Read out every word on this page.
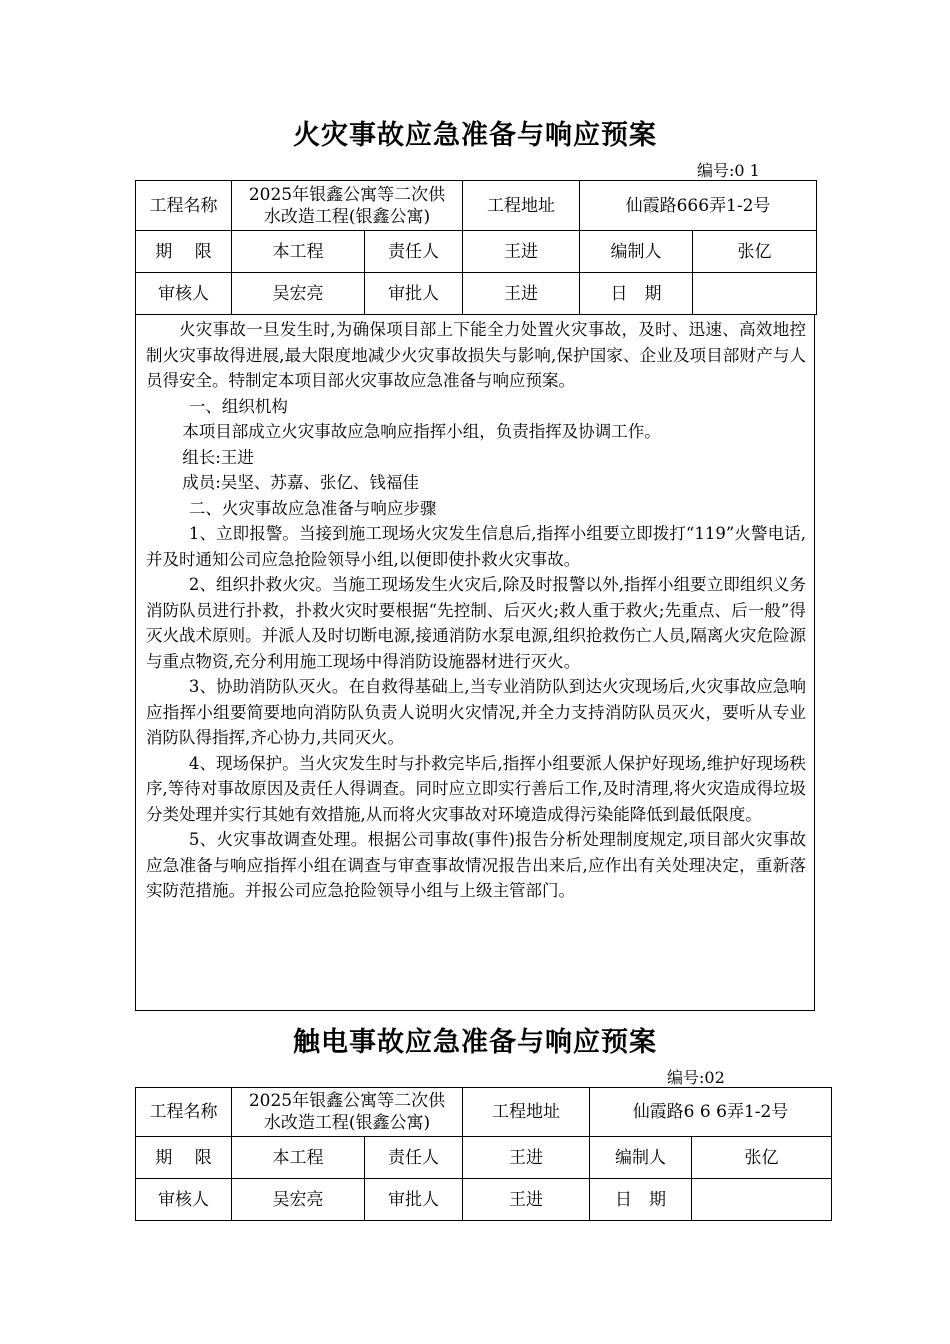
火灾事故应急准备与响应预案
编号:0 1
工程名称	2025年银鑫公寓等二次供水改造工程(银鑫公寓)		工程地址	仙霞路666弄1-2号	
期　 限	本工程	责任人	王进	编制人	张亿
审核人	吴宏亮	审批人	王进	日　期	

火灾事故一旦发生时,为确保项目部上下能全力处置火灾事故，及时、迅速、高效地控制火灾事故得进展,最大限度地减少火灾事故损失与影响,保护国家、企业及项目部财产与人员得安全。特制定本项目部火灾事故应急准备与响应预案。

一、组织机构

本项目部成立火灾事故应急响应指挥小组，负责指挥及协调工作。

组长:王进

成员:吴坚、苏嘉、张亿、钱福佳

二、火灾事故应急准备与响应步骤

1、立即报警。当接到施工现场火灾发生信息后,指挥小组要立即拨打“119”火警电话,并及时通知公司应急抢险领导小组,以便即使扑救火灾事故。

2、组织扑救火灾。当施工现场发生火灾后,除及时报警以外,指挥小组要立即组织义务消防队员进行扑救，扑救火灾时要根据“先控制、后灭火;救人重于救火;先重点、后一般”得灭火战术原则。并派人及时切断电源,接通消防水泵电源,组织抢救伤亡人员,隔离火灾危险源与重点物资,充分利用施工现场中得消防设施器材进行灭火。

3、协助消防队灭火。在自救得基础上,当专业消防队到达火灾现场后,火灾事故应急响应指挥小组要简要地向消防队负责人说明火灾情况,并全力支持消防队员灭火，要听从专业消防队得指挥,齐心协力,共同灭火。

4、现场保护。当火灾发生时与扑救完毕后,指挥小组要派人保护好现场,维护好现场秩序,等待对事故原因及责任人得调查。同时应立即实行善后工作,及时清理,将火灾造成得垃圾分类处理并实行其她有效措施,从而将火灾事故对环境造成得污染能降低到最低限度。

5、火灾事故调查处理。根据公司事故(事件)报告分析处理制度规定,项目部火灾事故应急准备与响应指挥小组在调查与审查事故情况报告出来后,应作出有关处理决定，重新落实防范措施。并报公司应急抢险领导小组与上级主管部门。

触电事故应急准备与响应预案
编号:02
工程名称	2025年银鑫公寓等二次供水改造工程(银鑫公寓)		工程地址	仙霞路6 6 6弄1-2号	
期　 限	本工程	责任人	王进	编制人	张亿
审核人	吴宏亮	审批人	王进	日　期	
